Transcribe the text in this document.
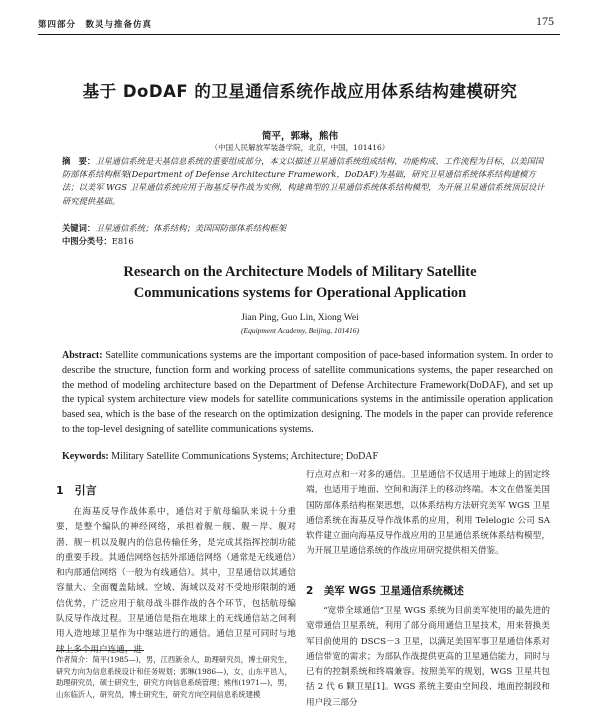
第四部分　数灵与推备仿真	175
基于 DoDAF 的卫星通信系统作战应用体系结构建模研究
简平，郭琳，熊伟
（中国人民解放军装备学院，北京，中国，101416）
摘　要：卫星通信系统是天基信息系统的重要组成部分，本文以描述卫星通信系统组成结构、功能构成、工作流程为目标，以美国国防部体系结构框架(Department of Defense Architecture Framework，DoDAF)为基础，研究卫星通信系统体系结构建模方法；以美军 WGS 卫星通信系统应用于海基反导作战为实例，构建典型的卫星通信系统体系结构模型，为开展卫星通信系统顶层设计研究提供基础。
关键词：卫星通信系统；体系结构；美国国防部体系结构框架
中图分类号：E816
Research on the Architecture Models of Military Satellite
Communications systems for Operational Application
Jian Ping, Guo Lin, Xiong Wei
(Equipment Academy, Beijing, 101416)
Abstract: Satellite communications systems are the important composition of pace-based information system. In order to describe the structure, function form and working process of satellite communications systems, the paper researched on the method of modeling architecture based on the Department of Defense Architecture Framework(DoDAF), and set up the typical system architecture view models for satellite communications systems in the antimissile operation application based sea, which is the base of the research on the optimization designing. The models in the paper can provide reference to the top-level designing of satellite communications systems.
Keywords: Military Satellite Communications Systems; Architecture; DoDAF
1　引言
在海基反导作战体系中，通信对于航母编队来说十分重要，是整个编队的神经网络，承担着舰－舰、舰－岸、舰对潜、舰－机以及舰内的信息传输任务，是完成其指挥控制功能的重要手段。其通信网络包括外部通信网络（通常是无线通信）和内部通信网络（一般为有线通信）。其中，卫星通信以其通信容量大、全面覆盖陆域、空域、海域以及对不受地形限制的通信优势，广泛应用于航母战斗群作战的各个环节，包括航母编队反导作战过程。卫星通信是指在地球上的无线通信站之间利用人造地球卫星作为中继站进行的通信。通信卫星可同时与地球上多个用户连通，进
行点对点和一对多的通信。卫星通信不仅适用于地球上的固定终端，也适用于地面、空间和海洋上的移动终端。本文在借鉴美国国防部体系结构框架思想，以体系结构方法研究美军 WGS 卫星通信系统在海基反导作战体系的应用，利用 Telelogic 公司 SA 软件建立面向海基反导作战应用的卫星通信系统体系结构模型，为开展卫星通信系统的作战应用研究提供相关借鉴。
2　美军 WGS 卫星通信系统概述
“宽带全球通信”卫星 WGS 系统为目前美军使用的最先进的宽带通信卫星系统，利用了部分商用通信卫星技术，用来替换美军目前使用的 DSCS－3 卫星，以满足美国军事卫星通信体系对通信带宽的需求；为部队作战提供更高的卫星通信能力，同时与已有的控制系统和终端兼容。按照美军的规划，WGS 卫星共包括 2 代 6 颗卫星[1]。WGS 系统主要由空间段、地面控制段和用户段三部分
作者简介：简平(1985—)，男，江西新余人，助理研究员，博士研究生，研究方向为信息系统设计和任务规划；郭琳(1986—)，女，山东平邑人，助理研究员，硕士研究生，研究方向信息系统管理；熊伟(1971—)，男，山东临沂人，研究员，博士研究生，研究方向空间信息系统建模
